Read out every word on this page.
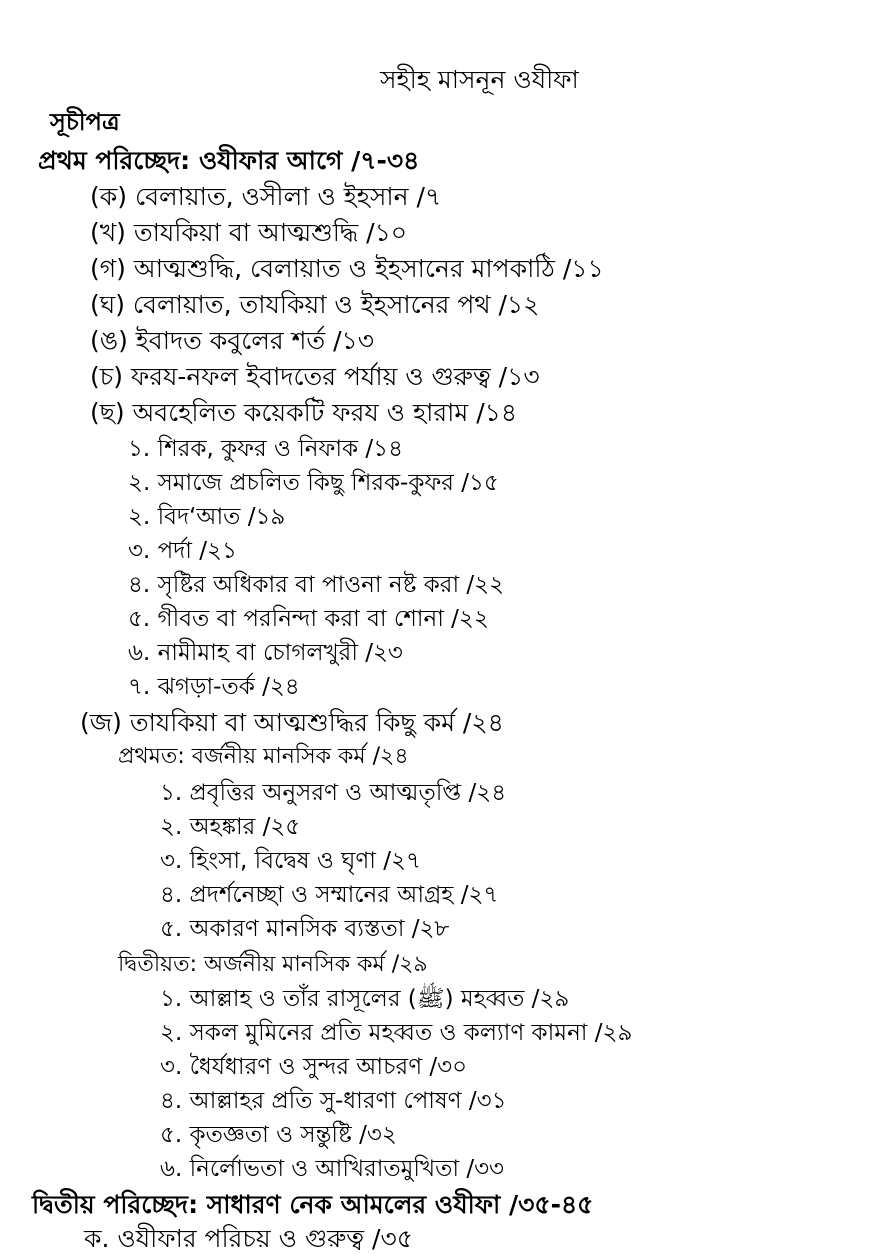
সহীহ মাসনূন ওযীফা
সূচীপত্র
প্রথম পরিচ্ছেদ: ওযীফার আগে /৭-৩৪
(ক) বেলায়াত, ওসীলা ও ইহসান /৭
(খ) তাযকিয়া বা আত্মশুদ্ধি /১০
(গ) আত্মশুদ্ধি, বেলায়াত ও ইহসানের মাপকাঠি /১১
(ঘ) বেলায়াত, তাযকিয়া ও ইহসানের পথ /১২
(ঙ) ইবাদত কবুলের শর্ত /১৩
(চ) ফরয-নফল ইবাদতের পর্যায় ও গুরুত্ব /১৩
(ছ) অবহেলিত কয়েকটি ফরয ও হারাম /১৪
১. শিরক, কুফর ও নিফাক /১৪
২. সমাজে প্রচলিত কিছু শিরক-কুফর /১৫
২. বিদ‘আত /১৯
৩. পর্দা /২১
৪. সৃষ্টির অধিকার বা পাওনা নষ্ট করা /২২
৫. গীবত বা পরনিন্দা করা বা শোনা /২২
৬. নামীমাহ বা চোগলখুরী /২৩
৭. ঝগড়া-তর্ক /২৪
(জ) তাযকিয়া বা আত্মশুদ্ধির কিছু কর্ম /২৪
প্রথমত: বর্জনীয় মানসিক কর্ম /২৪
১. প্রবৃত্তির অনুসরণ ও আত্মতৃপ্তি /২৪
২. অহঙ্কার /২৫
৩. হিংসা, বিদ্বেষ ও ঘৃণা /২৭
৪. প্রদর্শনেচ্ছা ও সম্মানের আগ্রহ /২৭
৫. অকারণ মানসিক ব্যস্ততা /২৮
দ্বিতীয়ত: অর্জনীয় মানসিক কর্ম /২৯
১. আল্লাহ ও তাঁর রাসূলের (ﷺ) মহব্বত /২৯
২. সকল মুমিনের প্রতি মহব্বত ও কল্যাণ কামনা /২৯
৩. ধৈর্যধারণ ও সুন্দর আচরণ /৩০
৪. আল্লাহর প্রতি সু-ধারণা পোষণ /৩১
৫. কৃতজ্ঞতা ও সন্তুষ্টি /৩২
৬. নির্লোভতা ও আখিরাতমুখিতা /৩৩
দ্বিতীয় পরিচ্ছেদ: সাধারণ নেক আমলের ওযীফা /৩৫-৪৫
ক. ওযীফার পরিচয় ও গুরুত্ব /৩৫
